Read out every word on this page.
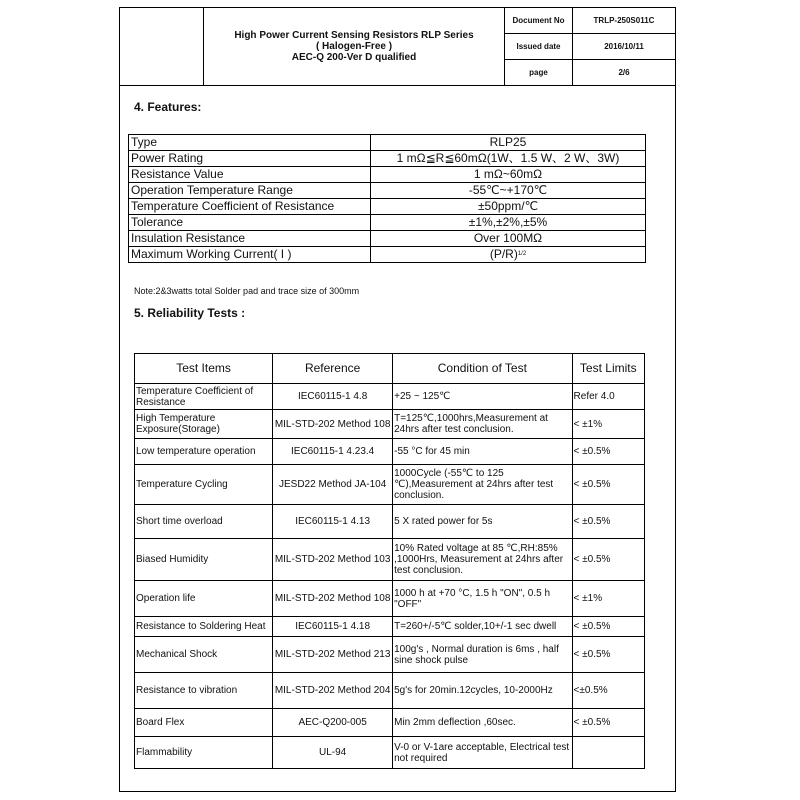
High Power Current Sensing Resistors RLP Series
( Halogen-Free )
AEC-Q 200-Ver D qualified
Document No	TRLP-250S011C
Issued date	2016/10/11
page	2/6
4. Features:
Type	RLP25
Power Rating	1 mΩ≦R≦60mΩ(1W、1.5 W、2 W、3W)
Resistance Value	1 mΩ~60mΩ
Operation Temperature Range	-55℃~+170℃
Temperature Coefficient of Resistance	±50ppm/℃
Tolerance	±1%,±2%,±5%
Insulation Resistance	Over 100MΩ
Maximum Working Current( I )	$(P/R)^{1/2}$
Note:2&3watts total Solder pad and trace size of 300mm
5. Reliability Tests :
Test Items	Reference	Condition of Test	Test Limits
Temperature Coefficient of Resistance	IEC60115-1 4.8	+25 ~ 125℃	Refer 4.0
High Temperature Exposure(Storage)	MIL-STD-202 Method 108	T=125℃,1000hrs,Measurement at 24hrs after test conclusion.	< ±1%
Low temperature operation	IEC60115-1 4.23.4	-55 °C for 45 min	< ±0.5%
Temperature Cycling	JESD22 Method JA-104	1000Cycle (-55℃ to 125 ℃),Measurement at 24hrs after test conclusion.	< ±0.5%
Short time overload	IEC60115-1 4.13	5 X rated power for 5s	< ±0.5%
Biased Humidity	MIL-STD-202 Method 103	10% Rated voltage at 85 ℃,RH:85% ,1000Hrs, Measurement at 24hrs after test conclusion.	< ±0.5%
Operation life	MIL-STD-202 Method 108	1000 h at +70 °C, 1.5 h "ON", 0.5 h "OFF"	< ±1%
Resistance to Soldering Heat	IEC60115-1 4.18	T=260+/-5℃ solder,10+/-1 sec dwell	< ±0.5%
Mechanical Shock	MIL-STD-202 Method 213	100g's , Normal duration is 6ms , half sine shock pulse	< ±0.5%
Resistance to vibration	MIL-STD-202 Method 204	5g's for 20min.12cycles, 10-2000Hz	<±0.5%
Board Flex	AEC-Q200-005	Min 2mm deflection ,60sec.	< ±0.5%
Flammability	UL-94	V-0 or V-1are acceptable, Electrical test not required	
